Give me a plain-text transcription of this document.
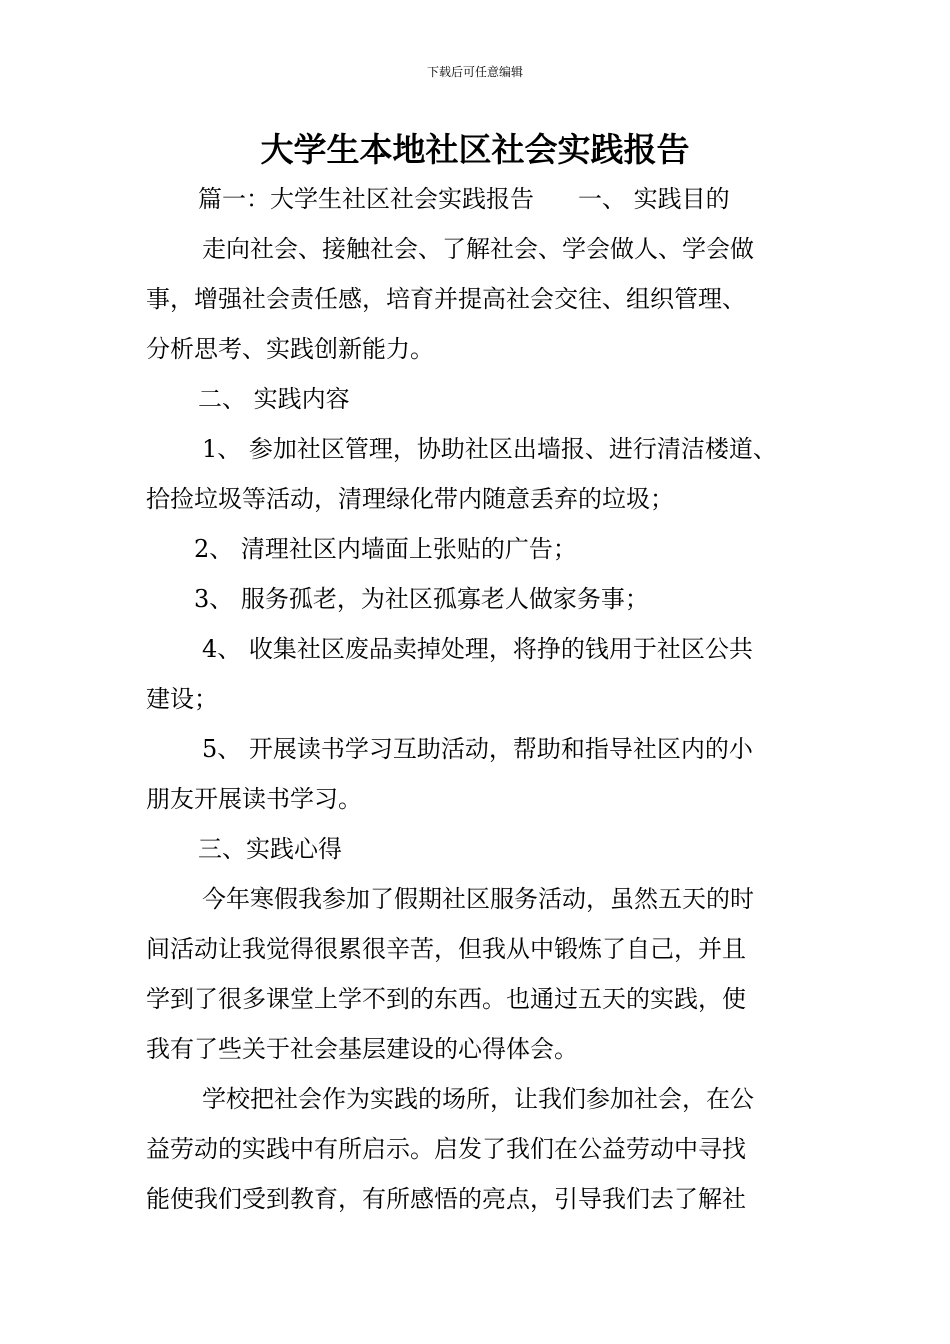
下载后可任意编辑
大学生本地社区社会实践报告
篇一：大学生社区社会实践报告 一、 实践目的
走向社会、接触社会、了解社会、学会做人、学会做
事，增强社会责任感，培育并提高社会交往、组织管理、
分析思考、实践创新能力。
二、 实践内容
1、 参加社区管理，协助社区出墙报、进行清洁楼道、
拾捡垃圾等活动，清理绿化带内随意丢弃的垃圾；
2、 清理社区内墙面上张贴的广告；
3、 服务孤老，为社区孤寡老人做家务事；
4、 收集社区废品卖掉处理，将挣的钱用于社区公共
建设；
5、 开展读书学习互助活动，帮助和指导社区内的小
朋友开展读书学习。
三、实践心得
今年寒假我参加了假期社区服务活动，虽然五天的时
间活动让我觉得很累很辛苦，但我从中锻炼了自己，并且
学到了很多课堂上学不到的东西。也通过五天的实践，使
我有了些关于社会基层建设的心得体会。
学校把社会作为实践的场所，让我们参加社会，在公
益劳动的实践中有所启示。启发了我们在公益劳动中寻找
能使我们受到教育，有所感悟的亮点，引导我们去了解社
